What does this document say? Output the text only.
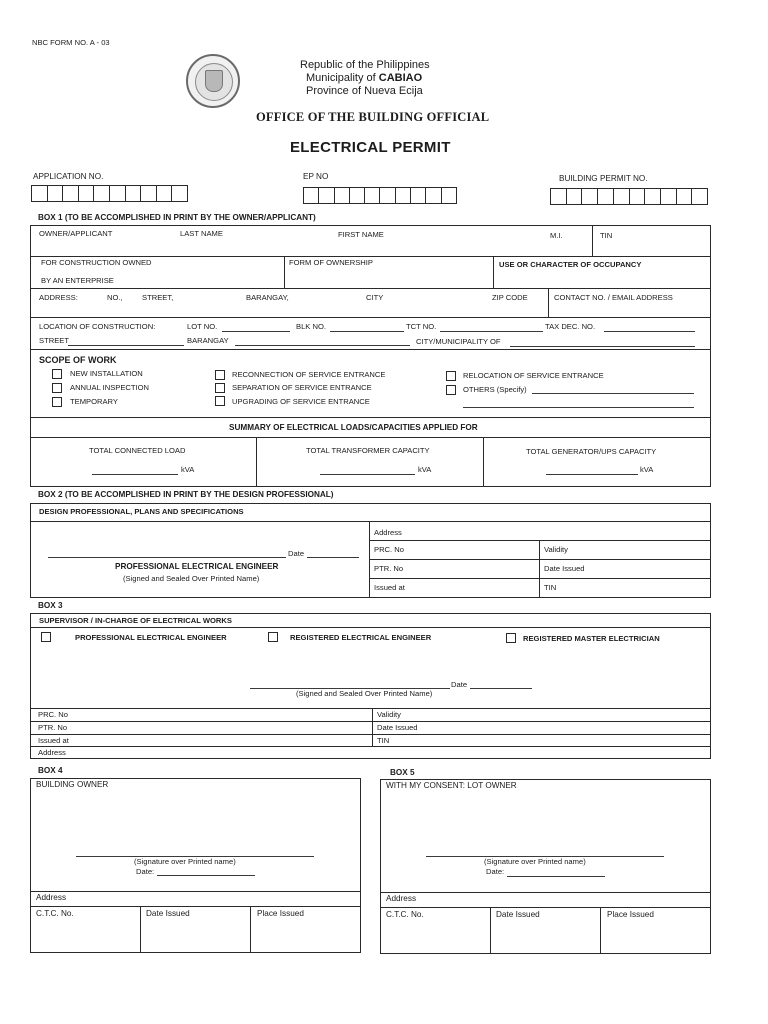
NBC FORM NO. A - 03
Republic of the Philippines
Municipality of CABIAO
Province of Nueva Ecija
OFFICE OF THE BUILDING OFFICIAL
ELECTRICAL PERMIT
APPLICATION NO.	EP NO	BUILDING PERMIT NO.
BOX 1 (TO BE ACCOMPLISHED IN PRINT BY THE OWNER/APPLICANT)
OWNER/APPLICANT	LAST NAME	FIRST NAME	M.I.	TIN
FOR CONSTRUCTION OWNED
BY AN ENTERPRISE
FORM OF OWNERSHIP	USE OR CHARACTER OF OCCUPANCY
ADDRESS:	NO.,	STREET,	BARANGAY,	CITY	ZIP CODE	CONTACT NO. / EMAIL ADDRESS
LOCATION OF CONSTRUCTION:	LOT NO.	BLK NO.	TCT NO.	TAX DEC. NO.
STREET	BARANGAY	CITY/MUNICIPALITY OF
SCOPE OF WORK
NEW INSTALLATION
ANNUAL INSPECTION
TEMPORARY
RECONNECTION OF SERVICE ENTRANCE
SEPARATION OF SERVICE ENTRANCE
UPGRADING OF SERVICE ENTRANCE
RELOCATION OF SERVICE ENTRANCE
OTHERS (Specify)
SUMMARY OF ELECTRICAL LOADS/CAPACITIES APPLIED FOR
TOTAL CONNECTED LOAD
kVA
TOTAL TRANSFORMER CAPACITY
kVA
TOTAL GENERATOR/UPS CAPACITY
kVA
BOX 2 (TO BE ACCOMPLISHED IN PRINT BY THE DESIGN PROFESSIONAL)
DESIGN PROFESSIONAL, PLANS AND SPECIFICATIONS
Date
PROFESSIONAL ELECTRICAL ENGINEER
(Signed and Sealed Over Printed Name)
Address
PRC. No	Validity
PTR. No	Date Issued
Issued at	TIN
BOX 3
SUPERVISOR / IN-CHARGE OF ELECTRICAL WORKS
PROFESSIONAL ELECTRICAL ENGINEER	REGISTERED ELECTRICAL ENGINEER	REGISTERED MASTER ELECTRICIAN
Date
(Signed and Sealed Over Printed Name)
PRC. No	Validity
PTR. No	Date Issued
Issued at	TIN
Address
BOX 4
BUILDING OWNER
(Signature over Printed name)
Date:
Address
C.T.C. No.	Date Issued	Place Issued
BOX 5
WITH MY CONSENT: LOT OWNER
(Signature over Printed name)
Date:
Address
C.T.C. No.	Date Issued	Place Issued
